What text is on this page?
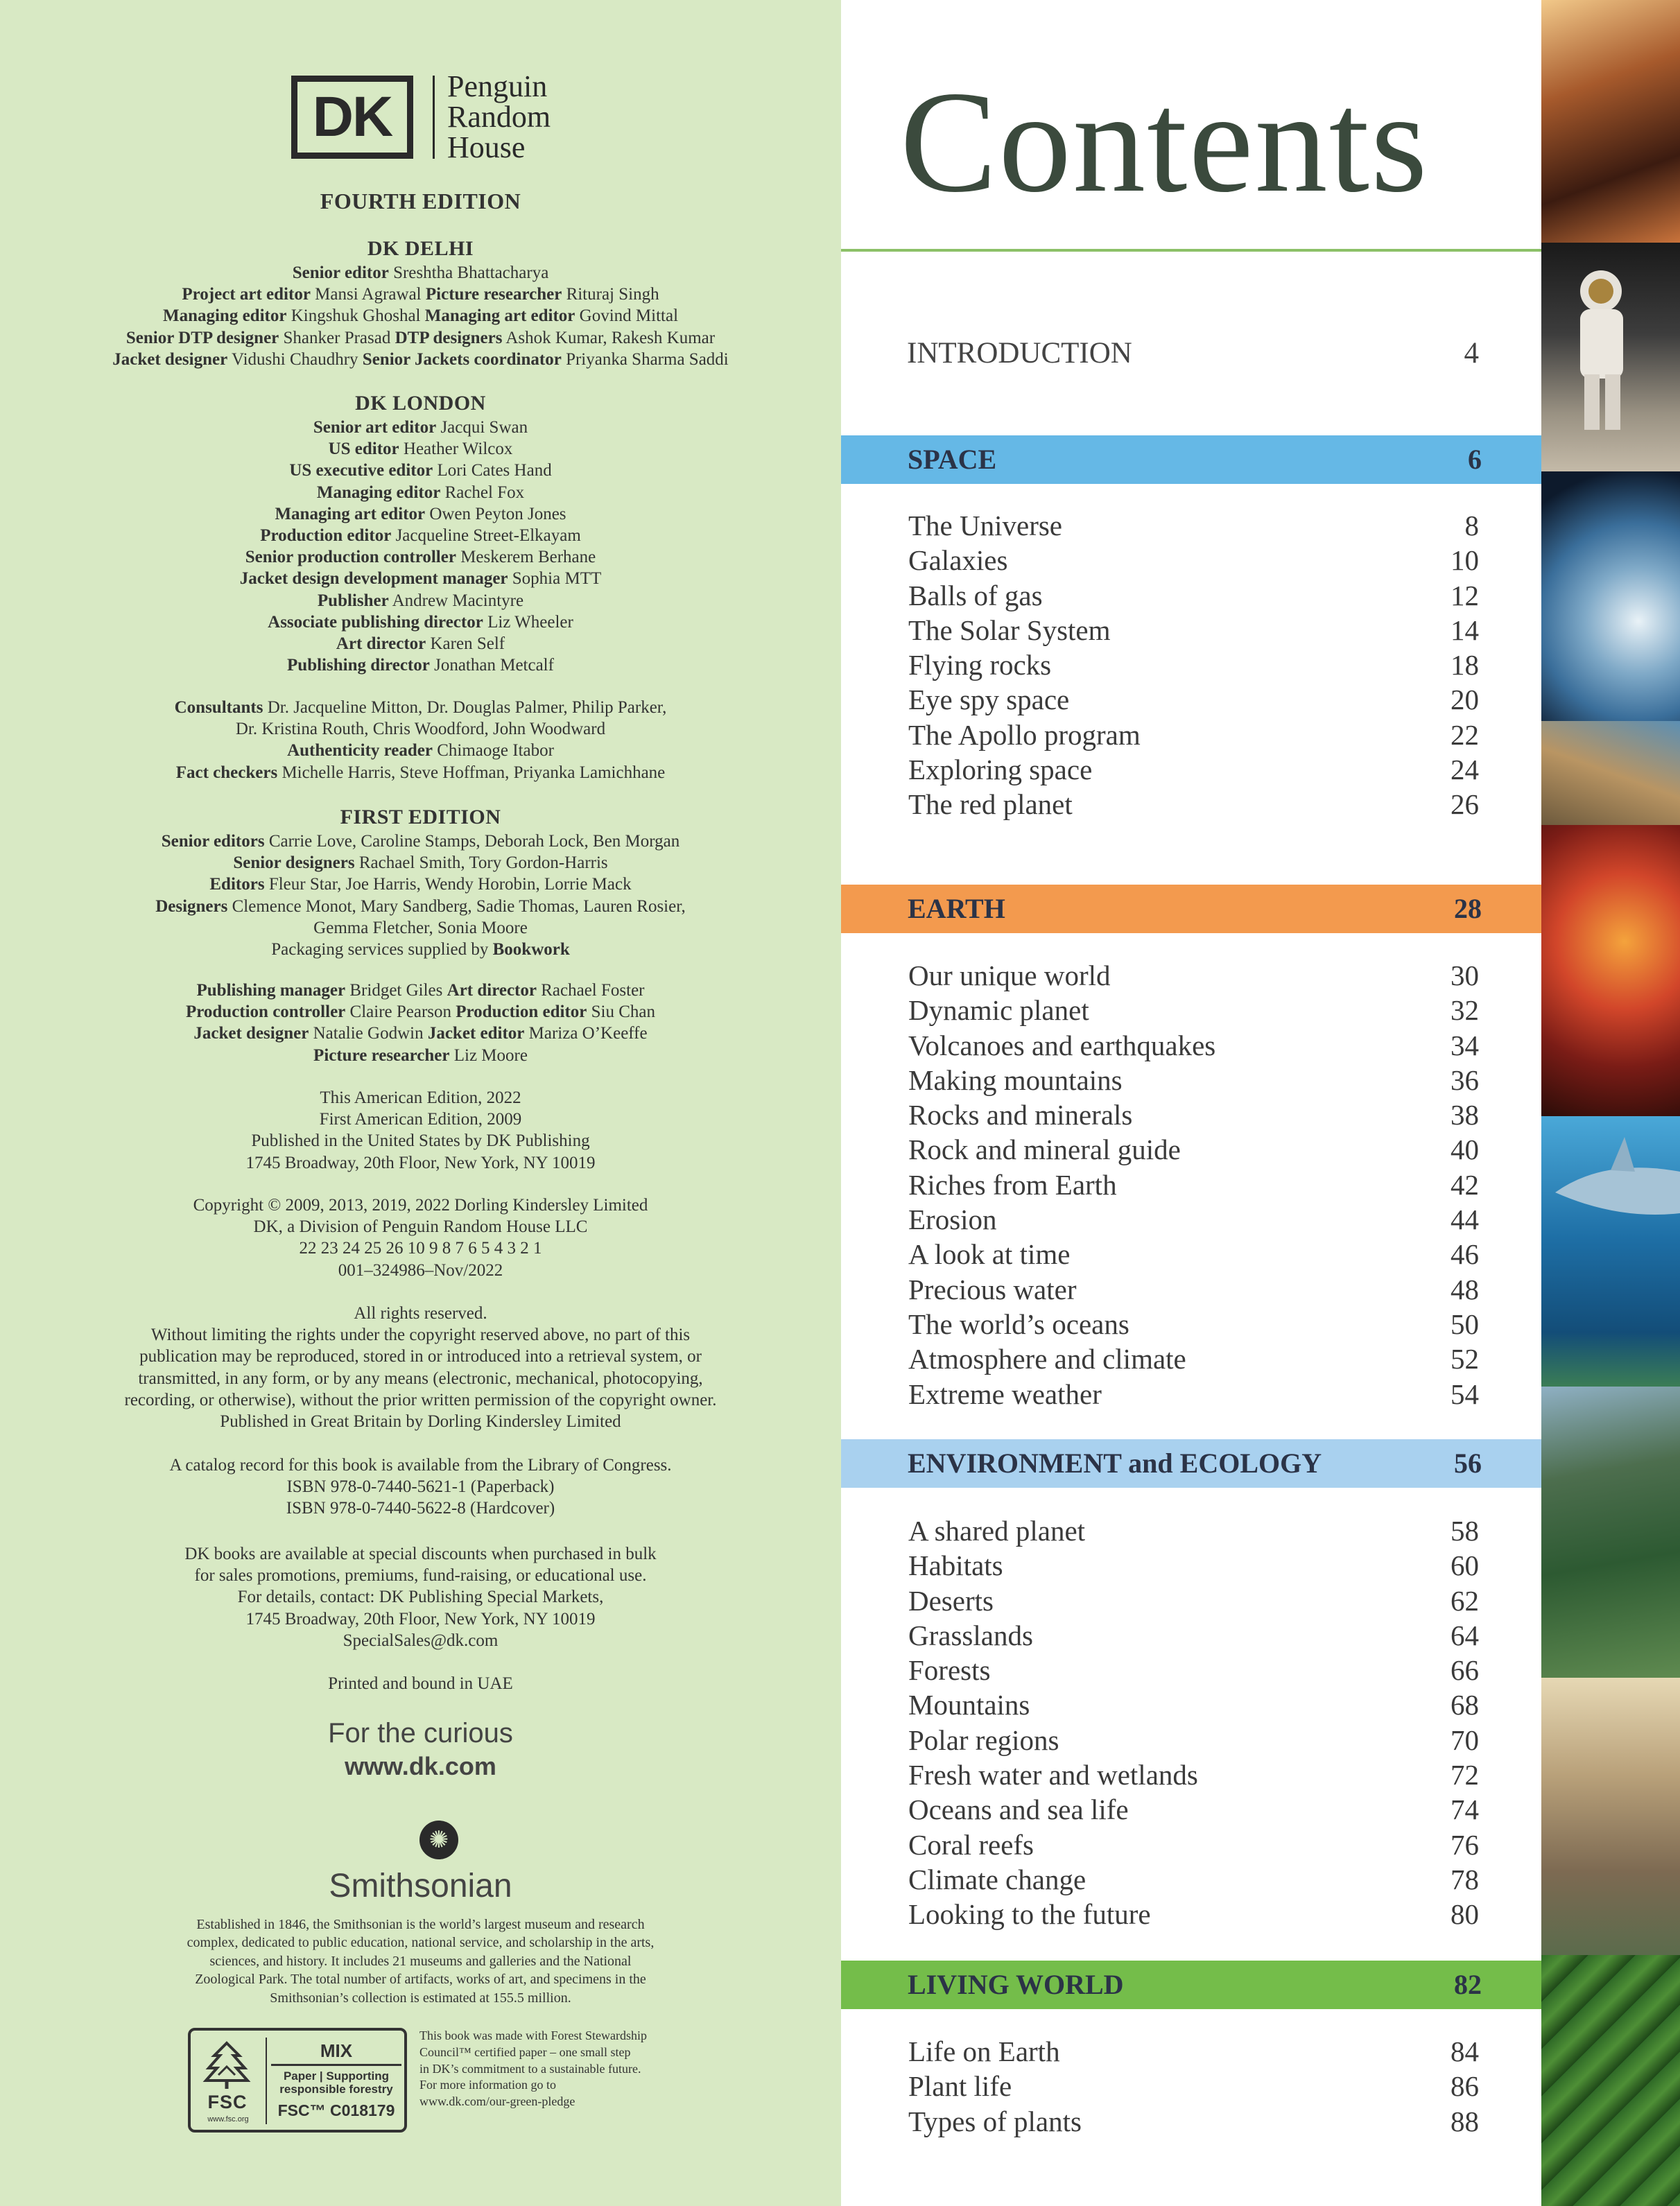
DK	Penguin
Random
House
FOURTH EDITION
DK DELHI
Senior editor Sreshtha Bhattacharya
Project art editor Mansi Agrawal Picture researcher Rituraj Singh
Managing editor Kingshuk Ghoshal Managing art editor Govind Mittal
Senior DTP designer Shanker Prasad DTP designers Ashok Kumar, Rakesh Kumar
Jacket designer Vidushi Chaudhry Senior Jackets coordinator Priyanka Sharma Saddi
DK LONDON
Senior art editor Jacqui Swan
US editor Heather Wilcox
US executive editor Lori Cates Hand
Managing editor Rachel Fox
Managing art editor Owen Peyton Jones
Production editor Jacqueline Street-Elkayam
Senior production controller Meskerem Berhane
Jacket design development manager Sophia MTT
Publisher Andrew Macintyre
Associate publishing director Liz Wheeler
Art director Karen Self
Publishing director Jonathan Metcalf
Consultants Dr. Jacqueline Mitton, Dr. Douglas Palmer, Philip Parker,
Dr. Kristina Routh, Chris Woodford, John Woodward
Authenticity reader Chimaoge Itabor
Fact checkers Michelle Harris, Steve Hoffman, Priyanka Lamichhane
FIRST EDITION
Senior editors Carrie Love, Caroline Stamps, Deborah Lock, Ben Morgan
Senior designers Rachael Smith, Tory Gordon-Harris
Editors Fleur Star, Joe Harris, Wendy Horobin, Lorrie Mack
Designers Clemence Monot, Mary Sandberg, Sadie Thomas, Lauren Rosier,
Gemma Fletcher, Sonia Moore
Packaging services supplied by Bookwork
Publishing manager Bridget Giles Art director Rachael Foster
Production controller Claire Pearson Production editor Siu Chan
Jacket designer Natalie Godwin Jacket editor Mariza O’Keeffe
Picture researcher Liz Moore
This American Edition, 2022
First American Edition, 2009
Published in the United States by DK Publishing
1745 Broadway, 20th Floor, New York, NY 10019
Copyright © 2009, 2013, 2019, 2022 Dorling Kindersley Limited
DK, a Division of Penguin Random House LLC
22 23 24 25 26 10 9 8 7 6 5 4 3 2 1
001–324986–Nov/2022
All rights reserved.
Without limiting the rights under the copyright reserved above, no part of this
publication may be reproduced, stored in or introduced into a retrieval system, or
transmitted, in any form, or by any means (electronic, mechanical, photocopying,
recording, or otherwise), without the prior written permission of the copyright owner.
Published in Great Britain by Dorling Kindersley Limited
A catalog record for this book is available from the Library of Congress.
ISBN 978-0-7440-5621-1 (Paperback)
ISBN 978-0-7440-5622-8 (Hardcover)
DK books are available at special discounts when purchased in bulk
for sales promotions, premiums, fund-raising, or educational use.
For details, contact: DK Publishing Special Markets,
1745 Broadway, 20th Floor, New York, NY 10019
SpecialSales@dk.com
Printed and bound in UAE
For the curious
www.dk.com
✺
Smithsonian
Established in 1846, the Smithsonian is the world’s largest museum and research
complex, dedicated to public education, national service, and scholarship in the arts,
sciences, and history. It includes 21 museums and galleries and the National
Zoological Park. The total number of artifacts, works of art, and specimens in the
Smithsonian’s collection is estimated at 155.5 million.
FSC
www.fsc.org
MIX
Paper | Supporting
responsible forestry
FSC™ C018179
This book was made with Forest Stewardship
Council™ certified paper – one small step
in DK’s commitment to a sustainable future.
For more information go to
www.dk.com/our-green-pledge
Contents
INTRODUCTION	4
SPACE	6
The Universe	8
Galaxies	10
Balls of gas	12
The Solar System	14
Flying rocks	18
Eye spy space	20
The Apollo program	22
Exploring space	24
The red planet	26
EARTH	28
Our unique world	30
Dynamic planet	32
Volcanoes and earthquakes	34
Making mountains	36
Rocks and minerals	38
Rock and mineral guide	40
Riches from Earth	42
Erosion	44
A look at time	46
Precious water	48
The world’s oceans	50
Atmosphere and climate	52
Extreme weather	54
ENVIRONMENT and ECOLOGY	56
A shared planet	58
Habitats	60
Deserts	62
Grasslands	64
Forests	66
Mountains	68
Polar regions	70
Fresh water and wetlands	72
Oceans and sea life	74
Coral reefs	76
Climate change	78
Looking to the future	80
LIVING WORLD	82
Life on Earth	84
Plant life	86
Types of plants	88
